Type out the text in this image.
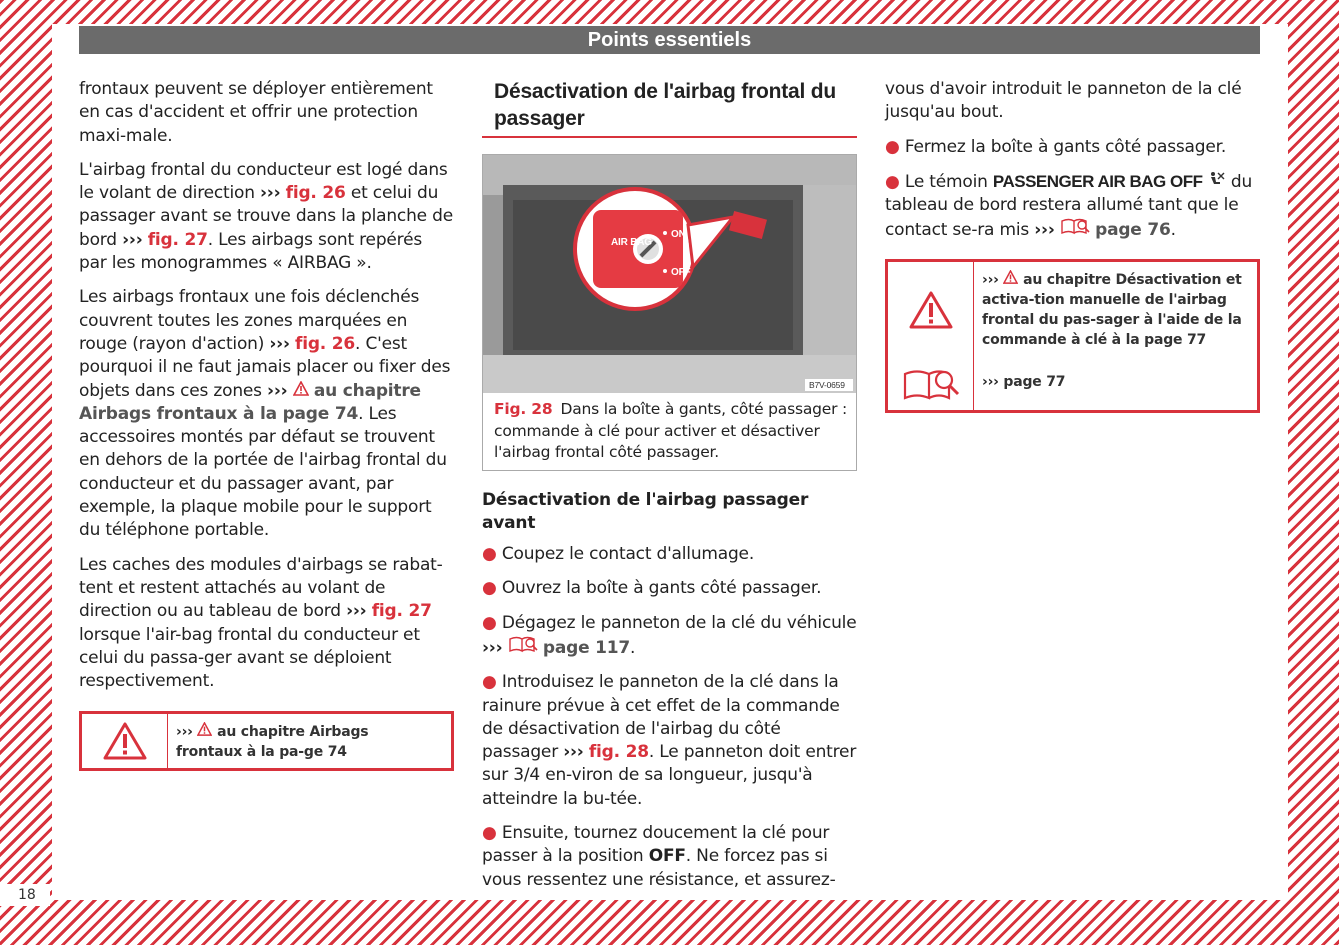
18
Points essentiels

frontaux peuvent se déployer entièrement en cas d'accident et offrir une protection maxi-male.

L'airbag frontal du conducteur est logé dans le volant de direction ››› fig. 26 et celui du passager avant se trouve dans la planche de bord ››› fig. 27. Les airbags sont repérés par les monogrammes « AIRBAG ».

Les airbags frontaux une fois déclenchés couvrent toutes les zones marquées en rouge (rayon d'action) ››› fig. 26. C'est pourquoi il ne faut jamais placer ou fixer des objets dans ces zones ››› au chapitre Airbags frontaux à la page 74. Les accessoires montés par défaut se trouvent en dehors de la portée de l'airbag frontal du conducteur et du passager avant, par exemple, la plaque mobile pour le support du téléphone portable.

Les caches des modules d'airbags se rabat-tent et restent attachés au volant de direction ou au tableau de bord ››› fig. 27 lorsque l'air-bag frontal du conducteur et celui du passa-ger avant se déploient respectivement.

››› au chapitre Airbags frontaux à la pa-ge 74
Désactivation de l'airbag frontal du passager
AIR BAG
ON
OFF
B7V-0659
Fig. 28 Dans la boîte à gants, côté passager : commande à clé pour activer et désactiver l'airbag frontal côté passager.
Désactivation de l'airbag passager avant

● Coupez le contact d'allumage.

● Ouvrez la boîte à gants côté passager.

● Dégagez le panneton de la clé du véhicule
››› page 117.

● Introduisez le panneton de la clé dans la rainure prévue à cet effet de la commande de désactivation de l'airbag du côté passager ››› fig. 28. Le panneton doit entrer sur 3/4 en-viron de sa longueur, jusqu'à atteindre la bu-tée.

● Ensuite, tournez doucement la clé pour passer à la position OFF. Ne forcez pas si vous ressentez une résistance, et assurez-

vous d'avoir introduit le panneton de la clé jusqu'au bout.

● Fermez la boîte à gants côté passager.

● Le témoin PASSENGER AIR BAG OFF  du tableau de bord restera allumé tant que le contact se-ra mis ››› page 76.

››› au chapitre Désactivation et activa-tion manuelle de l'airbag frontal du pas-sager à l'aide de la commande à clé à la page 77
››› page 77
